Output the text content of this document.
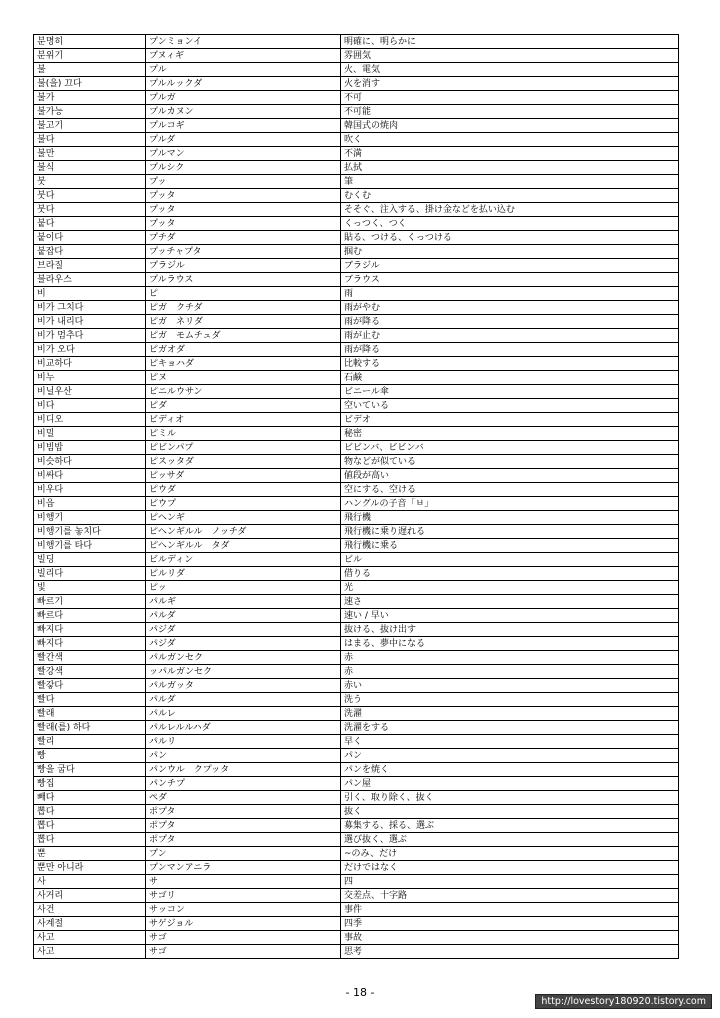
분명히	プンミョンイ	明確に、明らかに
분위기	プヌィギ	雰囲気
불	プル	火、電気
불(을) 끄다	プルルックダ	火を消す
불가	プルガ	不可
불가능	プルカヌン	不可能
불고기	プルコギ	韓国式の焼肉
불다	プルダ	吹く
불만	プルマン	不満
불식	プルシク	払拭
붓	プッ	筆
붓다	プッタ	むくむ
붓다	プッタ	そそぐ、注入する、掛け金などを払い込む
붙다	プッタ	くっつく、つく
붙이다	プチダ	貼る、つける、くっつける
붙잡다	プッチャプタ	掴む
브라질	プラジル	ブラジル
블라우스	プルラウス	ブラウス
비	ピ	雨
비가 그치다	ピガ　クチダ	雨がやむ
비가 내리다	ピガ　ネリダ	雨が降る
비가 멈추다	ピガ　モムチュダ	雨が止む
비가 오다	ピガオダ	雨が降る
비교하다	ピキョハダ	比較する
비누	ピヌ	石鹸
비닐우산	ピニルウサン	ビニール傘
비다	ピダ	空いている
비디오	ビディオ	ビデオ
비밀	ピミル	秘密
비빔밥	ピビンパプ	ビビンバ、ビビンバ
비슷하다	ピスッタダ	物などが似ている
비싸다	ピッサダ	値段が高い
비우다	ピウダ	空にする、空ける
비읍	ピウプ	ハングルの子音「ㅂ」
비행기	ピヘンギ	飛行機
비행기를 놓치다	ピヘンギルル　ノッチダ	飛行機に乗り遅れる
비행기를 타다	ピヘンギルル　タダ	飛行機に乗る
빌딩	ビルディン	ビル
빌리다	ピルリダ	借りる
빛	ピッ	光
빠르기	パルギ	速さ
빠르다	パルダ	速い / 早い
빠지다	パジダ	抜ける、抜け出す
빠지다	パジダ	はまる、夢中になる
빨간색	パルガンセク	赤
빨강색	ッパルガンセク	赤
빨갛다	パルガッタ	赤い
빨다	パルダ	洗う
빨래	パルレ	洗濯
빨래(를) 하다	パルレルルハダ	洗濯をする
빨리	パルリ	早く
빵	パン	パン
빵을 굽다	パンウル　クプッタ	パンを焼く
빵집	パンチプ	パン屋
빼다	ペダ	引く、取り除く、抜く
뽑다	ポプタ	抜く
뽑다	ポプタ	募集する、採る、選ぶ
뽑다	ポプタ	選び抜く、選ぶ
뿐	プン	~のみ、だけ
뿐만 아니라	プンマンアニラ	だけではなく
사	サ	四
사거리	サゴリ	交差点、十字路
사건	サッコン	事件
사계절	サゲジョル	四季
사고	サゴ	事故
사고	サゴ	思考
- 18 -
http://lovestory180920.tistory.com
